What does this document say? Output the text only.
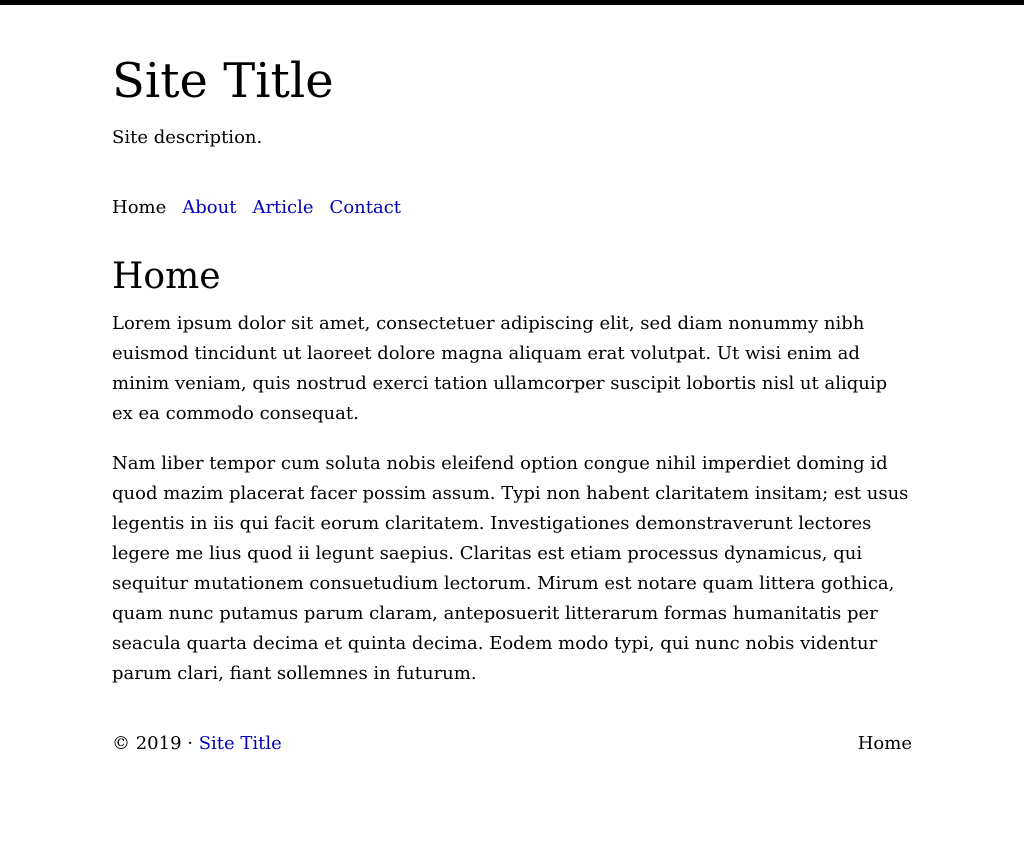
Site Title

Site description.

Home About Article Contact
Home

Lorem ipsum dolor sit amet, consectetuer adipiscing elit, sed diam nonummy nibh euismod tincidunt ut laoreet dolore magna aliquam erat volutpat. Ut wisi enim ad minim veniam, quis nostrud exerci tation ullamcorper suscipit lobortis nisl ut aliquip ex ea commodo consequat.

Nam liber tempor cum soluta nobis eleifend option congue nihil imperdiet doming id quod mazim placerat facer possim assum. Typi non habent claritatem insitam; est usus legentis in iis qui facit eorum claritatem. Investigationes demonstraverunt lectores legere me lius quod ii legunt saepius. Claritas est etiam processus dynamicus, qui sequitur mutationem consuetudium lectorum. Mirum est notare quam littera gothica, quam nunc putamus parum claram, anteposuerit litterarum formas humanitatis per seacula quarta decima et quinta decima. Eodem modo typi, qui nunc nobis videntur parum clari, fiant sollemnes in futurum.

© 2019 · Site Title	Home
